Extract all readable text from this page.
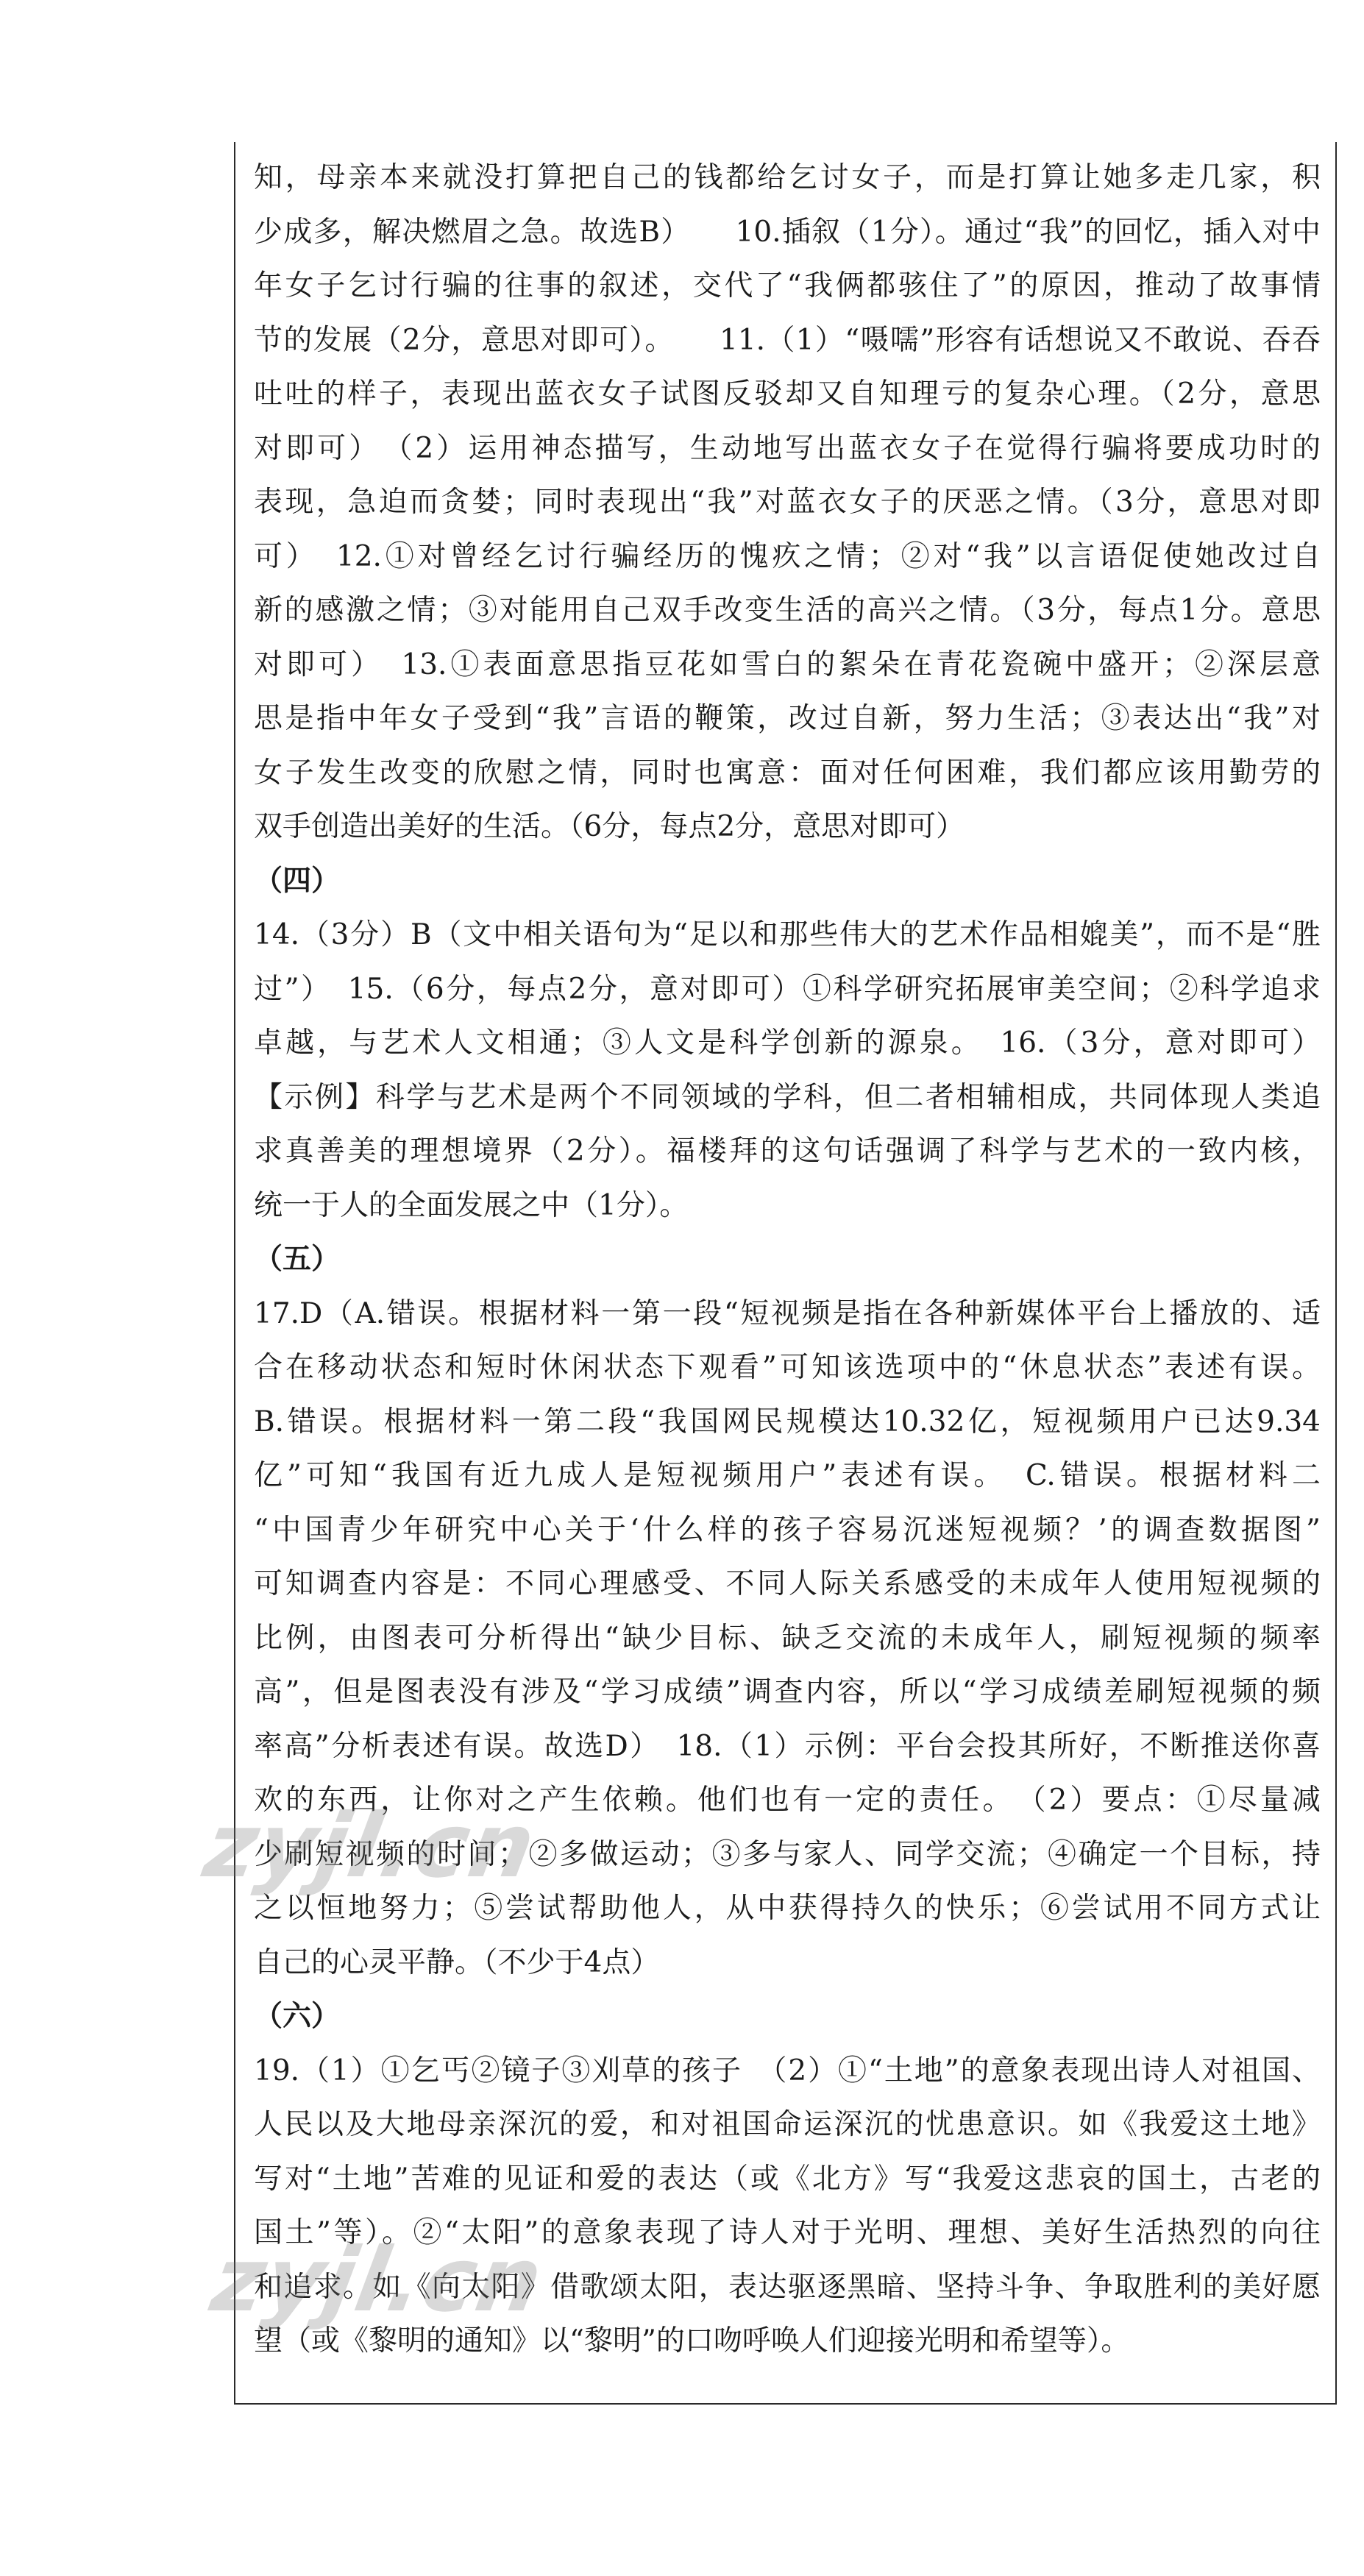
知，母亲本来就没打算把自己的钱都给乞讨女子，而是打算让她多走几家，积
少成多，解决燃眉之急。故选B）　　10.插叙（1分）。通过“我”的回忆，插入对中
年女子乞讨行骗的往事的叙述，交代了“我俩都骇住了”的原因，推动了故事情
节的发展（2分，意思对即可）。　　11.（1）“嗫嚅”形容有话想说又不敢说、吞吞
吐吐的样子，表现出蓝衣女子试图反驳却又自知理亏的复杂心理。（2分，意思
对即可）　（2）运用神态描写，生动地写出蓝衣女子在觉得行骗将要成功时的
表现，急迫而贪婪；同时表现出“我”对蓝衣女子的厌恶之情。（3分，意思对即
可）　12.①对曾经乞讨行骗经历的愧疚之情；②对“我”以言语促使她改过自
新的感激之情；③对能用自己双手改变生活的高兴之情。（3分，每点1分。意思
对即可）　13.①表面意思指豆花如雪白的絮朵在青花瓷碗中盛开；②深层意
思是指中年女子受到“我”言语的鞭策，改过自新，努力生活；③表达出“我”对
女子发生改变的欣慰之情，同时也寓意：面对任何困难，我们都应该用勤劳的
双手创造出美好的生活。（6分，每点2分，意思对即可）
（四）
14.（3分）B（文中相关语句为“足以和那些伟大的艺术作品相媲美”，而不是“胜
过”）　15.（6分，每点2分，意对即可）①科学研究拓展审美空间；②科学追求
卓越，与艺术人文相通；③人文是科学创新的源泉。　16.（3分，意对即可）
【示例】科学与艺术是两个不同领域的学科，但二者相辅相成，共同体现人类追
求真善美的理想境界（2分）。福楼拜的这句话强调了科学与艺术的一致内核，
统一于人的全面发展之中（1分）。
（五）
17.D（A.错误。根据材料一第一段“短视频是指在各种新媒体平台上播放的、适
合在移动状态和短时休闲状态下观看”可知该选项中的“休息状态”表述有误。
B.错误。根据材料一第二段“我国网民规模达10.32亿，短视频用户已达9.34
亿”可知“我国有近九成人是短视频用户”表述有误。　C.错误。根据材料二
“中国青少年研究中心关于‘什么样的孩子容易沉迷短视频？’的调查数据图”
可知调查内容是：不同心理感受、不同人际关系感受的未成年人使用短视频的
比例，由图表可分析得出“缺少目标、缺乏交流的未成年人，刷短视频的频率
高”，但是图表没有涉及“学习成绩”调查内容，所以“学习成绩差刷短视频的频
率高”分析表述有误。故选D）　18.（1）示例：平台会投其所好，不断推送你喜
欢的东西，让你对之产生依赖。他们也有一定的责任。　（2）要点：①尽量减
少刷短视频的时间；②多做运动；③多与家人、同学交流；④确定一个目标，持
之以恒地努力；⑤尝试帮助他人，从中获得持久的快乐；⑥尝试用不同方式让
自己的心灵平静。（不少于4点）
（六）
19.（1）①乞丐②镜子③刈草的孩子　（2）①“土地”的意象表现出诗人对祖国、
人民以及大地母亲深沉的爱，和对祖国命运深沉的忧患意识。如《我爱这土地》
写对“土地”苦难的见证和爱的表达（或《北方》写“我爱这悲哀的国土，古老的
国土”等）。②“太阳”的意象表现了诗人对于光明、理想、美好生活热烈的向往
和追求。如《向太阳》借歌颂太阳，表达驱逐黑暗、坚持斗争、争取胜利的美好愿
望（或《黎明的通知》以“黎明”的口吻呼唤人们迎接光明和希望等）。
zyjl.cn
zyjl.cn
